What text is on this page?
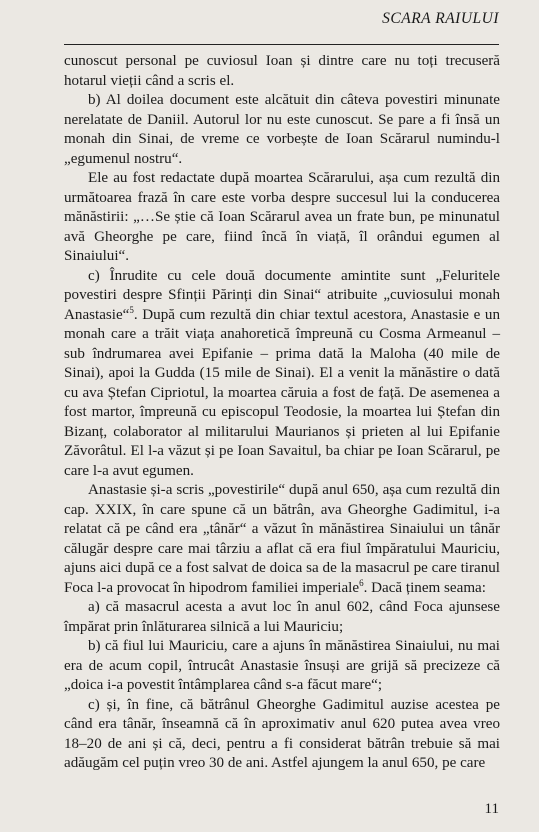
SCARA RAIULUI

cunoscut personal pe cuviosul Ioan și dintre care nu toți trecuseră hotarul vieții când a scris el.

b) Al doilea document este alcătuit din câteva povestiri minunate nerelatate de Daniil. Autorul lor nu este cunoscut. Se pare a fi însă un monah din Sinai, de vreme ce vorbește de Ioan Scărarul numindu-l „egumenul nostru“.

Ele au fost redactate după moartea Scărarului, așa cum rezultă din următoarea frază în care este vorba despre succesul lui la conducerea mănăstirii: „…Se știe că Ioan Scărarul avea un frate bun, pe minunatul avă Gheorghe pe care, fiind încă în viață, îl orândui egumen al Sinaiului“.

c) Înrudite cu cele două documente amintite sunt „Feluritele povestiri despre Sfinții Părinți din Sinai“ atribuite „cuviosului monah Anastasie“$^5$. După cum rezultă din chiar textul acestora, Anastasie e un monah care a trăit viața anahoretică împreună cu Cosma Armeanul – sub îndrumarea avei Epifanie – prima dată la Maloha (40 mile de Sinai), apoi la Gudda (15 mile de Sinai). El a venit la mănăstire o dată cu ava Ștefan Cipriotul, la moartea căruia a fost de față. De asemenea a fost martor, împreună cu episcopul Teodosie, la moartea lui Ștefan din Bizanț, colaborator al militarului Maurianos și prieten al lui Epifanie Zăvorâtul. El l-a văzut și pe Ioan Savaitul, ba chiar pe Ioan Scărarul, pe care l-a avut egumen.

Anastasie și-a scris „povestirile“ după anul 650, așa cum rezultă din cap. XXIX, în care spune că un bătrân, ava Gheorghe Gadimitul, i-a relatat că pe când era „tânăr“ a văzut în mănăstirea Sinaiului un tânăr călugăr despre care mai târziu a aflat că era fiul împăratului Mauriciu, ajuns aici după ce a fost salvat de doica sa de la masacrul pe care tiranul Foca l-a provocat în hipodrom familiei imperiale$^6$. Dacă ținem seama:

a) că masacrul acesta a avut loc în anul 602, când Foca ajunsese împărat prin înlăturarea silnică a lui Mauriciu;

b) că fiul lui Mauriciu, care a ajuns în mănăstirea Sinaiului, nu mai era de acum copil, întrucât Anastasie însuși are grijă să precizeze că „doica i-a povestit întâmplarea când s-a făcut mare“;

c) și, în fine, că bătrânul Gheorghe Gadimitul auzise acestea pe când era tânăr, înseamnă că în aproximativ anul 620 putea avea vreo 18–20 de ani și că, deci, pentru a fi considerat bătrân trebuie să mai adăugăm cel puțin vreo 30 de ani. Astfel ajungem la anul 650, pe care

11
